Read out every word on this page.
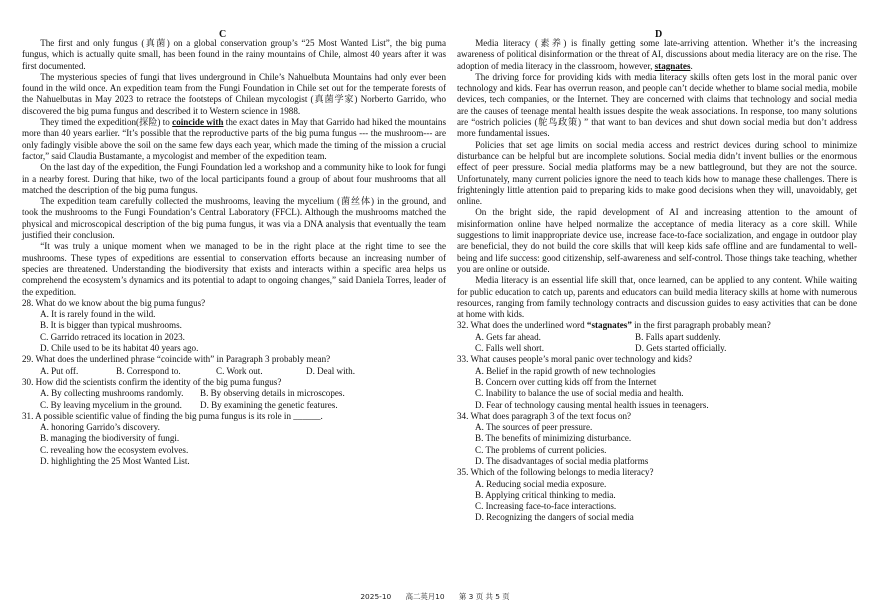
C	D

The first and only fungus (真菌) on a global conservation group’s “25 Most Wanted List”, the big puma fungus, which is actually quite small, has been found in the rainy mountains of Chile, almost 40 years after it was first documented.

The mysterious species of fungi that lives underground in Chile’s Nahuelbuta Mountains had only ever been found in the wild once. An expedition team from the Fungi Foundation in Chile set out for the temperate forests of the Nahuelbutas in May 2023 to retrace the footsteps of Chilean mycologist (真菌学家) Norberto Garrido, who discovered the big puma fungus and described it to Western science in 1988.

They timed the expedition(探险) to coincide with the exact dates in May that Garrido had hiked the mountains more than 40 years earlier. “It’s possible that the reproductive parts of the big puma fungus --- the mushroom--- are only fadingly visible above the soil on the same few days each year, which made the timing of the mission a crucial factor,” said Claudia Bustamante, a mycologist and member of the expedition team.

On the last day of the expedition, the Fungi Foundation led a workshop and a community hike to look for fungi in a nearby forest. During that hike, two of the local participants found a group of about four mushrooms that all matched the description of the big puma fungus.

The expedition team carefully collected the mushrooms, leaving the mycelium (菌丝体) in the ground, and took the mushrooms to the Fungi Foundation’s Central Laboratory (FFCL). Although the mushrooms matched the physical and microscopical description of the big puma fungus, it was via a DNA analysis that eventually the team justified their conclusion.

“It was truly a unique moment when we managed to be in the right place at the right time to see the mushrooms. These types of expeditions are essential to conservation efforts because an increasing number of species are threatened. Understanding the biodiversity that exists and interacts within a specific area helps us comprehend the ecosystem’s dynamics and its potential to adapt to ongoing changes,” said Daniela Torres, leader of the expedition.

28. What do we know about the big puma fungus?
A. It is rarely found in the wild.
B. It is bigger than typical mushrooms.
C. Garrido retraced its location in 2023.
D. Chile used to be its habitat 40 years ago.
29. What does the underlined phrase “coincide with” in Paragraph 3 probably mean?
A. Put off.	B. Correspond to.	C. Work out.	D. Deal with.
30. How did the scientists confirm the identity of the big puma fungus?
A. By collecting mushrooms randomly.	B. By observing details in microscopes.
C. By leaving mycelium in the ground.	D. By examining the genetic features.
31. A possible scientific value of finding the big puma fungus is its role in ______.
A. honoring Garrido’s discovery.
B. managing the biodiversity of fungi.
C. revealing how the ecosystem evolves.
D. highlighting the 25 Most Wanted List.

Media literacy (素养) is finally getting some late-arriving attention. Whether it’s the increasing awareness of political disinformation or the threat of AI, discussions about media literacy are on the rise. The adoption of media literacy in the classroom, however, stagnates.

The driving force for providing kids with media literacy skills often gets lost in the moral panic over technology and kids. Fear has overrun reason, and people can’t decide whether to blame social media, mobile devices, tech companies, or the Internet. They are concerned with claims that technology and social media are the causes of teenage mental health issues despite the weak associations. In response, too many solutions are “ostrich policies (鸵鸟政策) ” that want to ban devices and shut down social media but don’t address more fundamental issues.

Policies that set age limits on social media access and restrict devices during school to minimize disturbance can be helpful but are incomplete solutions. Social media didn’t invent bullies or the enormous effect of peer pressure. Social media platforms may be a new battleground, but they are not the source. Unfortunately, many current policies ignore the need to teach kids how to manage these challenges. There is frighteningly little attention paid to preparing kids to make good decisions when they will, unavoidably, get online.

On the bright side, the rapid development of AI and increasing attention to the amount of misinformation online have helped normalize the acceptance of media literacy as a core skill. While suggestions to limit inappropriate device use, increase face-to-face socialization, and engage in outdoor play are beneficial, they do not build the core skills that will keep kids safe offline and are fundamental to well-being and life success: good citizenship, self-awareness and self-control. Those things take teaching, whether you are online or outside.

Media literacy is an essential life skill that, once learned, can be applied to any content. While waiting for public education to catch up, parents and educators can build media literacy skills at home with numerous resources, ranging from family technology contracts and discussion guides to easy activities that can be done at home with kids.

32. What does the underlined word “stagnates” in the first paragraph probably mean?
A. Gets far ahead.	B. Falls apart suddenly.
C. Falls well short.	D. Gets started officially.
33. What causes people’s moral panic over technology and kids?
A. Belief in the rapid growth of new technologies
B. Concern over cutting kids off from the Internet
C. Inability to balance the use of social media and health.
D. Fear of technology causing mental health issues in teenagers.
34. What does paragraph 3 of the text focus on?
A. The sources of peer pressure.
B. The benefits of minimizing disturbance.
C. The problems of current policies.
D. The disadvantages of social media platforms
35. Which of the following belongs to media literacy?
A. Reducing social media exposure.
B. Applying critical thinking to media.
C. Increasing face-to-face interactions.
D. Recognizing the dangers of social media
2025-10 高二英月10 第 3 页 共 5 页
